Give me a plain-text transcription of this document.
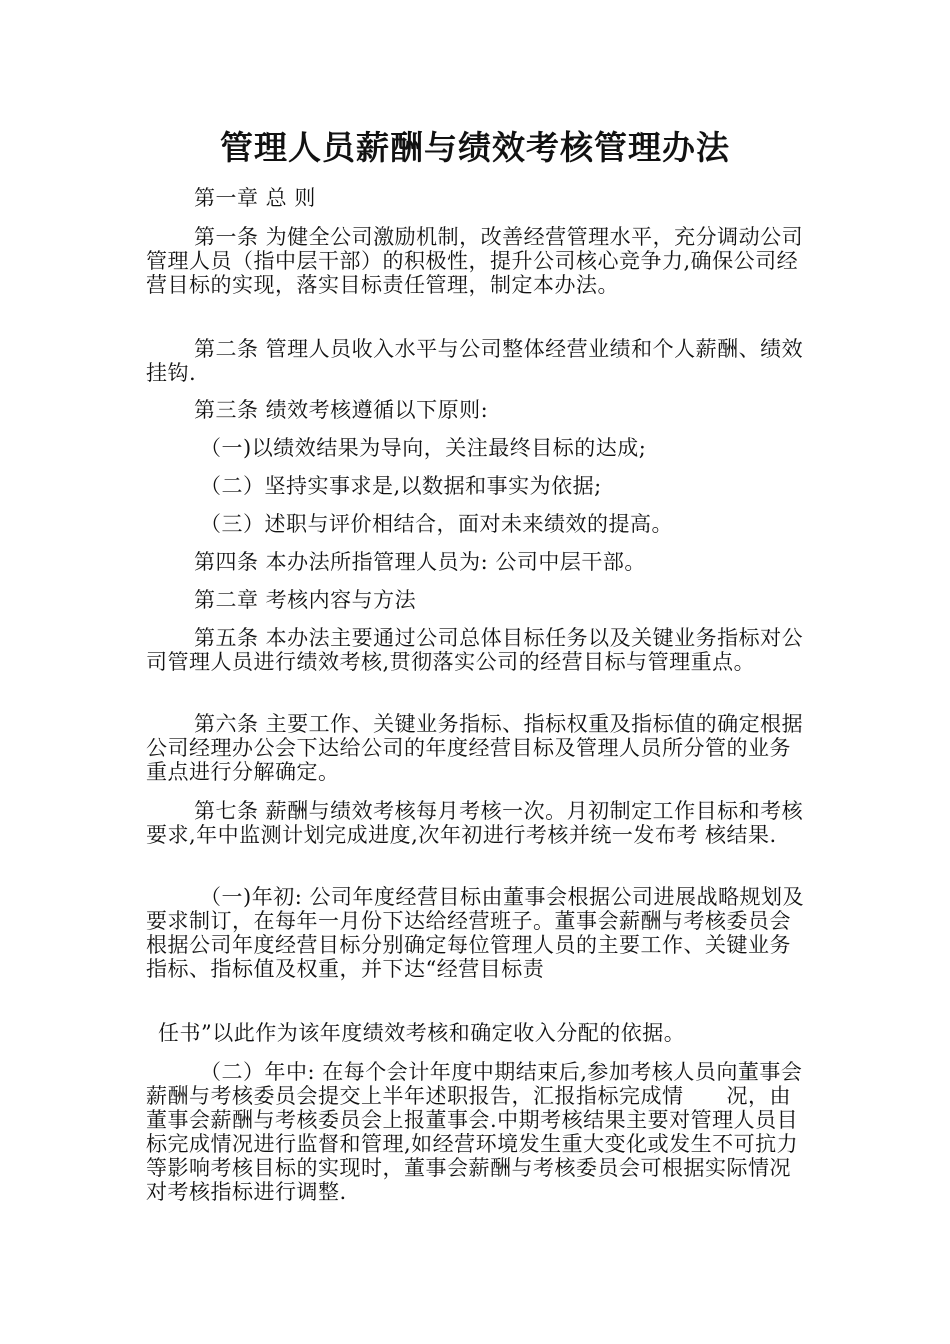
管理人员薪酬与绩效考核管理办法

第一章 总 则

第一条 为健全公司激励机制，改善经营管理水平，充分调动公司管理人员（指中层干部）的积极性，提升公司核心竞争力,确保公司经营目标的实现，落实目标责任管理，制定本办法。

第二条 管理人员收入水平与公司整体经营业绩和个人薪酬、绩效挂钩.

第三条 绩效考核遵循以下原则:

（一)以绩效结果为导向，关注最终目标的达成;

（二）坚持实事求是,以数据和事实为依据;

（三）述职与评价相结合，面对未来绩效的提高。

第四条 本办法所指管理人员为: 公司中层干部。

第二章 考核内容与方法

第五条 本办法主要通过公司总体目标任务以及关键业务指标对公司管理人员进行绩效考核,贯彻落实公司的经营目标与管理重点。

第六条 主要工作、关键业务指标、指标权重及指标值的确定根据公司经理办公会下达给公司的年度经营目标及管理人员所分管的业务重点进行分解确定。

第七条 薪酬与绩效考核每月考核一次。月初制定工作目标和考核要求,年中监测计划完成进度,次年初进行考核并统一发布考 核结果.

（一)年初: 公司年度经营目标由董事会根据公司进展战略规划及要求制订，在每年一月份下达给经营班子。董事会薪酬与考核委员会根据公司年度经营目标分别确定每位管理人员的主要工作、关键业务指标、指标值及权重，并下达“经营目标责

任书”以此作为该年度绩效考核和确定收入分配的依据。

（二）年中: 在每个会计年度中期结束后,参加考核人员向董事会薪酬与考核委员会提交上半年述职报告，汇报指标完成情　　况，由董事会薪酬与考核委员会上报董事会.中期考核结果主要对管理人员目标完成情况进行监督和管理,如经营环境发生重大变化或发生不可抗力等影响考核目标的实现时，董事会薪酬与考核委员会可根据实际情况对考核指标进行调整.
